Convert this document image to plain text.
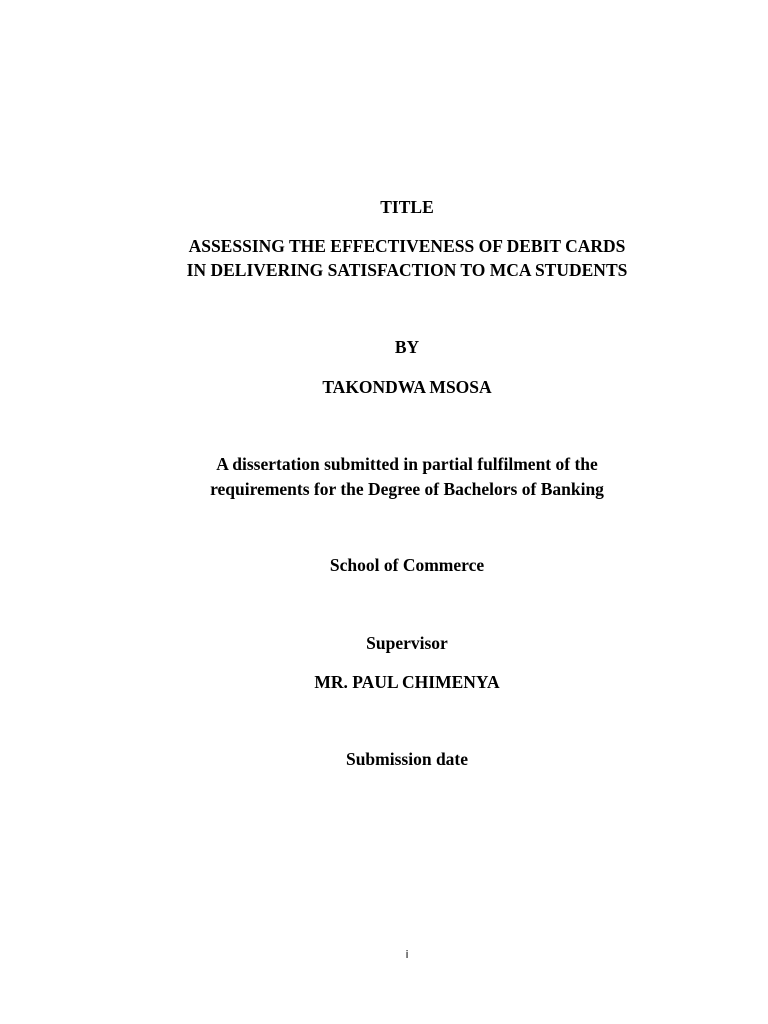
TITLE
ASSESSING THE EFFECTIVENESS OF DEBIT CARDS
IN DELIVERING SATISFACTION TO MCA STUDENTS
BY
TAKONDWA MSOSA
A dissertation submitted in partial fulfilment of the
requirements for the Degree of Bachelors of Banking
School of Commerce
Supervisor
MR. PAUL CHIMENYA
Submission date
i
